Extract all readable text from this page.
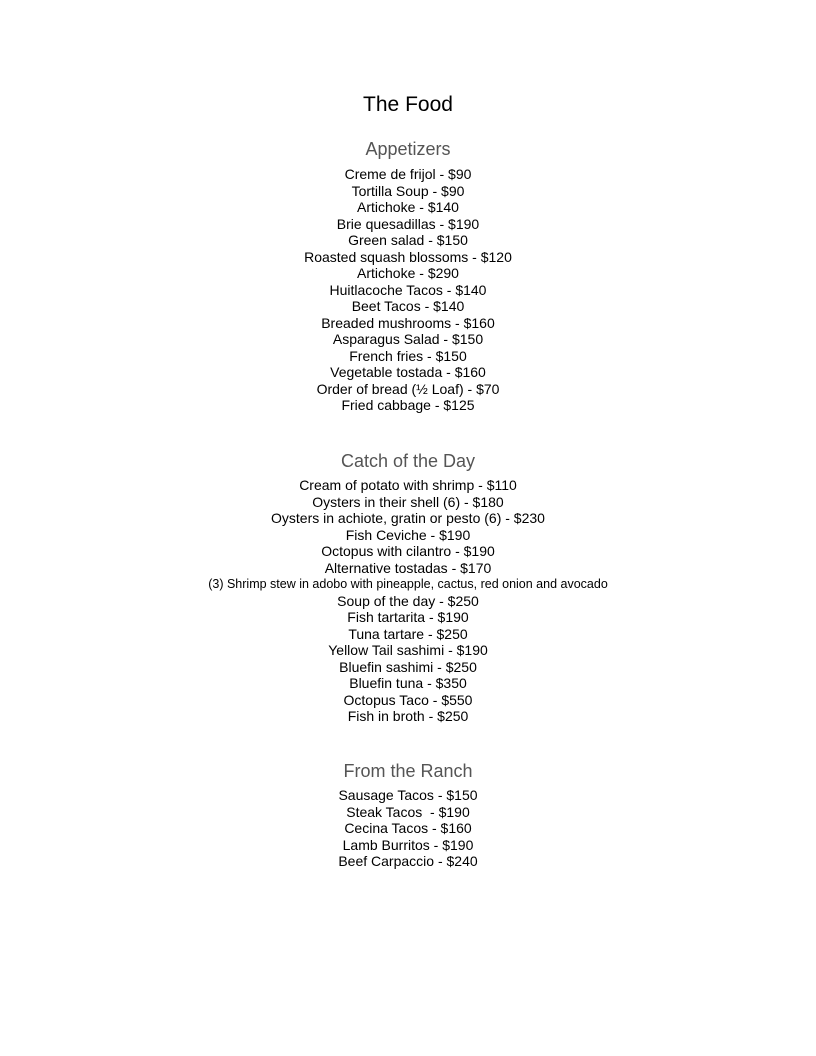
The Food
Appetizers
Creme de frijol - $90
Tortilla Soup - $90
Artichoke - $140
Brie quesadillas - $190
Green salad - $150
Roasted squash blossoms - $120
Artichoke - $290
Huitlacoche Tacos - $140
Beet Tacos - $140
Breaded mushrooms - $160
Asparagus Salad - $150
French fries - $150
Vegetable tostada - $160
Order of bread (½ Loaf) - $70
Fried cabbage - $125
Catch of the Day
Cream of potato with shrimp - $110
Oysters in their shell (6) - $180
Oysters in achiote, gratin or pesto (6) - $230
Fish Ceviche - $190
Octopus with cilantro - $190
Alternative tostadas - $170
(3) Shrimp stew in adobo with pineapple, cactus, red onion and avocado
Soup of the day - $250
Fish tartarita - $190
Tuna tartare - $250
Yellow Tail sashimi - $190
Bluefin sashimi - $250
Bluefin tuna - $350
Octopus Taco - $550
Fish in broth - $250
From the Ranch
Sausage Tacos - $150
Steak Tacos  - $190
Cecina Tacos - $160
Lamb Burritos - $190
Beef Carpaccio - $240
